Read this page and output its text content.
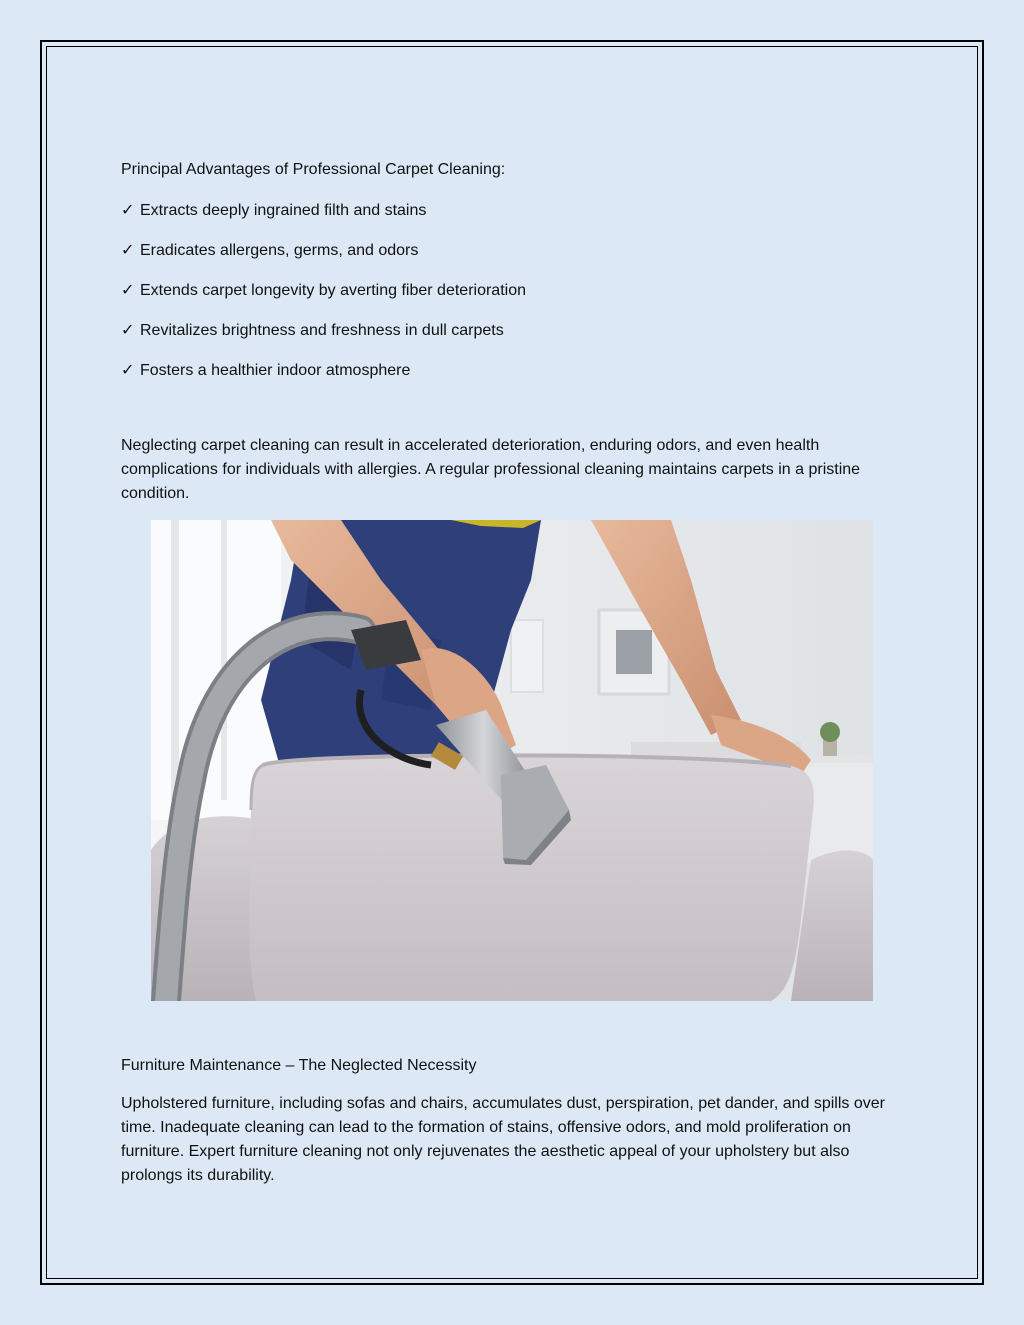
Principal Advantages of Professional Carpet Cleaning:
✓ Extracts deeply ingrained filth and stains
✓ Eradicates allergens, germs, and odors
✓ Extends carpet longevity by averting fiber deterioration
✓ Revitalizes brightness and freshness in dull carpets
✓ Fosters a healthier indoor atmosphere
Neglecting carpet cleaning can result in accelerated deterioration, enduring odors, and even health complications for individuals with allergies. A regular professional cleaning maintains carpets in a pristine condition.
Furniture Maintenance – The Neglected Necessity
Upholstered furniture, including sofas and chairs, accumulates dust, perspiration, pet dander, and spills over time. Inadequate cleaning can lead to the formation of stains, offensive odors, and mold proliferation on furniture. Expert furniture cleaning not only rejuvenates the aesthetic appeal of your upholstery but also prolongs its durability.
